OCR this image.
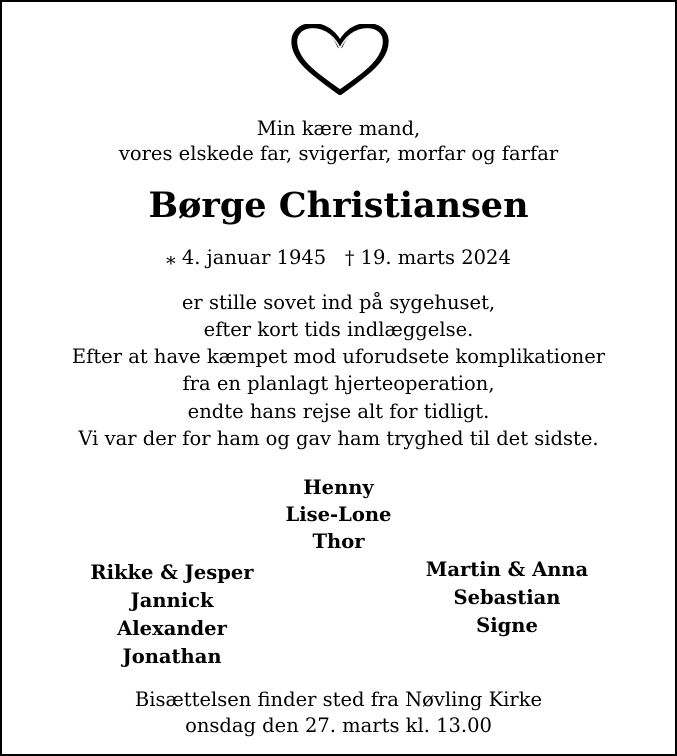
Min kære mand,
vores elskede far, svigerfar, morfar og farfar
Børge Christiansen
⁎ 4. januar 1945 † 19. marts 2024
er stille sovet ind på sygehuset,
efter kort tids indlæggelse.
Efter at have kæmpet mod uforudsete komplikationer
fra en planlagt hjerteoperation,
endte hans rejse alt for tidligt.
Vi var der for ham og gav ham tryghed til det sidste.
Henny
Lise-Lone
Thor
Rikke & Jesper
Jannick
Alexander
Jonathan
Martin & Anna
Sebastian
Signe
Bisættelsen finder sted fra Nøvling Kirke
onsdag den 27. marts kl. 13.00
